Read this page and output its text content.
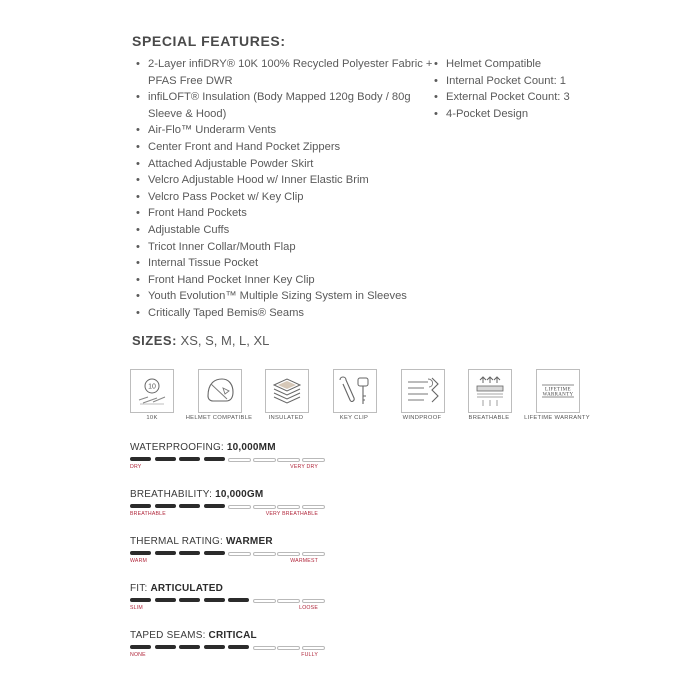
SPECIAL FEATURES:
• 2-Layer infiDRY® 10K 100% Recycled Polyester Fabric + PFAS Free DWR
• infiLOFT® Insulation (Body Mapped 120g Body / 80g Sleeve & Hood)
• Air-Flo™ Underarm Vents
• Center Front and Hand Pocket Zippers
• Attached Adjustable Powder Skirt
• Velcro Adjustable Hood w/ Inner Elastic Brim
• Velcro Pass Pocket w/ Key Clip
• Front Hand Pockets
• Adjustable Cuffs
• Tricot Inner Collar/Mouth Flap
• Internal Tissue Pocket
• Front Hand Pocket Inner Key Clip
• Youth Evolution™ Multiple Sizing System in Sleeves
• Critically Taped Bemis® Seams
• Helmet Compatible
• Internal Pocket Count: 1
• External Pocket Count: 3
• 4-Pocket Design
SIZES: XS, S, M, L, XL
10
10K	HELMET COMPATIBLE	INSULATED	KEY CLIP	WINDPROOF	BREATHABLE
LIFETIME
WARRANTY
LIFETIME WARRANTY
WATERPROOFING: 10,000MM
DRY	VERY DRY
BREATHABILITY: 10,000GM
BREATHABLE	VERY BREATHABLE
THERMAL RATING: WARMER
WARM	WARMEST
FIT: ARTICULATED
SLIM	LOOSE
TAPED SEAMS: CRITICAL
NONE	FULLY
